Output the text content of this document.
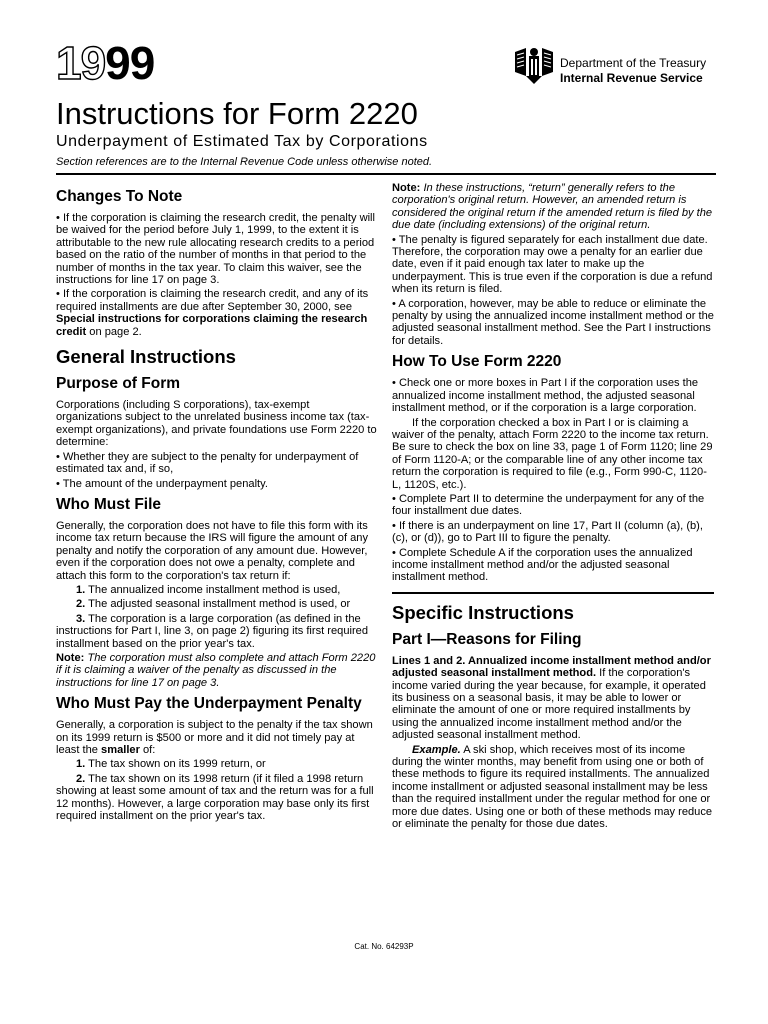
1999	Department of the Treasury
Internal Revenue Service
Instructions for Form 2220
Underpayment of Estimated Tax by Corporations
Section references are to the Internal Revenue Code unless otherwise noted.
Changes To Note

• If the corporation is claiming the research credit, the penalty will be waived for the period before July 1, 1999, to the extent it is attributable to the new rule allocating research credits to a period based on the ratio of the number of months in that period to the number of months in the tax year. To claim this waiver, see the instructions for line 17 on page 3.

• If the corporation is claiming the research credit, and any of its required installments are due after September 30, 2000, see Special instructions for corporations claiming the research credit on page 2.

General Instructions
Purpose of Form

Corporations (including S corporations), tax-exempt organizations subject to the unrelated business income tax (tax-exempt organizations), and private foundations use Form 2220 to determine:

• Whether they are subject to the penalty for underpayment of estimated tax and, if so,

• The amount of the underpayment penalty.

Who Must File

Generally, the corporation does not have to file this form with its income tax return because the IRS will figure the amount of any penalty and notify the corporation of any amount due. However, even if the corporation does not owe a penalty, complete and attach this form to the corporation's tax return if:

1. The annualized income installment method is used,

2. The adjusted seasonal installment method is used, or

3. The corporation is a large corporation (as defined in the instructions for Part I, line 3, on page 2) figuring its first required installment based on the prior year's tax.

Note: The corporation must also complete and attach Form 2220 if it is claiming a waiver of the penalty as discussed in the instructions for line 17 on page 3.

Who Must Pay the Underpayment Penalty

Generally, a corporation is subject to the penalty if the tax shown on its 1999 return is $500 or more and it did not timely pay at least the smaller of:

1. The tax shown on its 1999 return, or

2. The tax shown on its 1998 return (if it filed a 1998 return showing at least some amount of tax and the return was for a full 12 months). However, a large corporation may base only its first required installment on the prior year's tax.

Note: In these instructions, “return” generally refers to the corporation's original return. However, an amended return is considered the original return if the amended return is filed by the due date (including extensions) of the original return.

• The penalty is figured separately for each installment due date. Therefore, the corporation may owe a penalty for an earlier due date, even if it paid enough tax later to make up the underpayment. This is true even if the corporation is due a refund when its return is filed.

• A corporation, however, may be able to reduce or eliminate the penalty by using the annualized income installment method or the adjusted seasonal installment method. See the Part I instructions for details.

How To Use Form 2220

• Check one or more boxes in Part I if the corporation uses the annualized income installment method, the adjusted seasonal installment method, or if the corporation is a large corporation.

If the corporation checked a box in Part I or is claiming a waiver of the penalty, attach Form 2220 to the income tax return. Be sure to check the box on line 33, page 1 of Form 1120; line 29 of Form 1120-A; or the comparable line of any other income tax return the corporation is required to file (e.g., Form 990-C, 1120-L, 1120S, etc.).

• Complete Part II to determine the underpayment for any of the four installment due dates.

• If there is an underpayment on line 17, Part II (column (a), (b), (c), or (d)), go to Part III to figure the penalty.

• Complete Schedule A if the corporation uses the annualized income installment method and/or the adjusted seasonal installment method.

Specific Instructions
Part I—Reasons for Filing

Lines 1 and 2. Annualized income installment method and/or adjusted seasonal installment method. If the corporation's income varied during the year because, for example, it operated its business on a seasonal basis, it may be able to lower or eliminate the amount of one or more required installments by using the annualized income installment method and/or the adjusted seasonal installment method.

Example. A ski shop, which receives most of its income during the winter months, may benefit from using one or both of these methods to figure its required installments. The annualized income installment or adjusted seasonal installment may be less than the required installment under the regular method for one or more due dates. Using one or both of these methods may reduce or eliminate the penalty for those due dates.

Cat. No. 64293P
